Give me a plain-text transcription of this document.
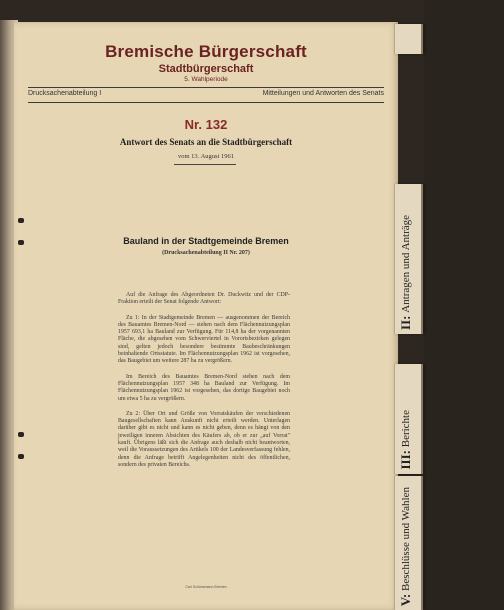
Bremische Bürgerschaft
Stadtbürgerschaft
5. Wahlperiode
Drucksachenabteilung I	Mitteilungen und Antworten des Senats
Nr. 132
Antwort des Senats an die Stadtbürgerschaft
vom 13. August 1961
Bauland in der Stadtgemeinde Bremen
(Drucksachenabteilung II Nr. 207)

Auf die Anfrage des Abgeordneten Dr. Duckwitz und der CDP-Fraktion erteilt der Senat folgende Antwort:

Zu 1: In der Stadtgemeinde Bremen — ausgenommen der Bereich des Bauamtes Bremen-Nord — stehen nach dem Flächennutzungsplan 1957 693,1 ha Bauland zur Verfügung. Für 114,8 ha der vorgenannten Fläche, die abgesehen vom Schwerviertel in Vorortsbezirken gelegen sind, gelten jedoch besondere bestimmte Baubeschränkungen beinhaltende Ortsstatute. Im Flächennutzungsplan 1962 ist vorgesehen, das Baugebiet um weitere 287 ha zu vergrößern.

Im Bereich des Bauamtes Bremen-Nord stehen nach dem Flächennutzungsplan 1957 348 ha Bauland zur Verfügung. Im Flächennutzungsplan 1962 ist vorgesehen, das dortige Baugebiet noch um etwa 5 ha zu vergrößern.

Zu 2: Über Ort und Größe von Vorratskäufen der verschiedenen Baugesellschaften kann Auskunft nicht erteilt werden. Unterlagen darüber gibt es nicht und kann es nicht geben, denn es hängt von den jeweiligen inneren Absichten des Käufers ab, ob er zur „auf Vorrat" kauft. Übrigens läßt sich die Anfrage auch deshalb nicht beantworten, weil die Voraussetzungen des Artikels 100 der Landesverfassung fehlen, denn die Anfrage betrifft Angelegenheiten nicht des öffentlichen, sondern des privaten Bereichs.

Carl Schünemann Bremen
II: Antragen und Anträge
III: Berichte
V: Beschlüsse und Wahlen
